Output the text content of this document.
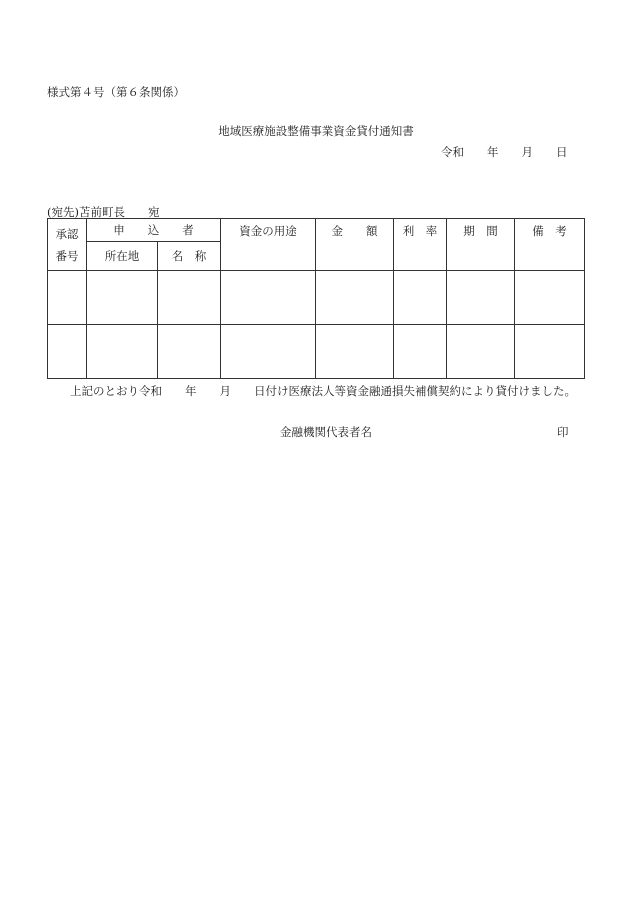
様式第４号（第６条関係）
地域医療施設整備事業資金貸付通知書
令和 年 月 日
(宛先)苫前町長　　宛
承認
番号	申　　込　　者		資金の用途	金　　額	利　率	期　間	備　考
	所在地	名　称					

上記のとおり令和　　年　　月　　日付け医療法人等資金融通損失補償契約により貸付けました。
金融機関代表者名	印
